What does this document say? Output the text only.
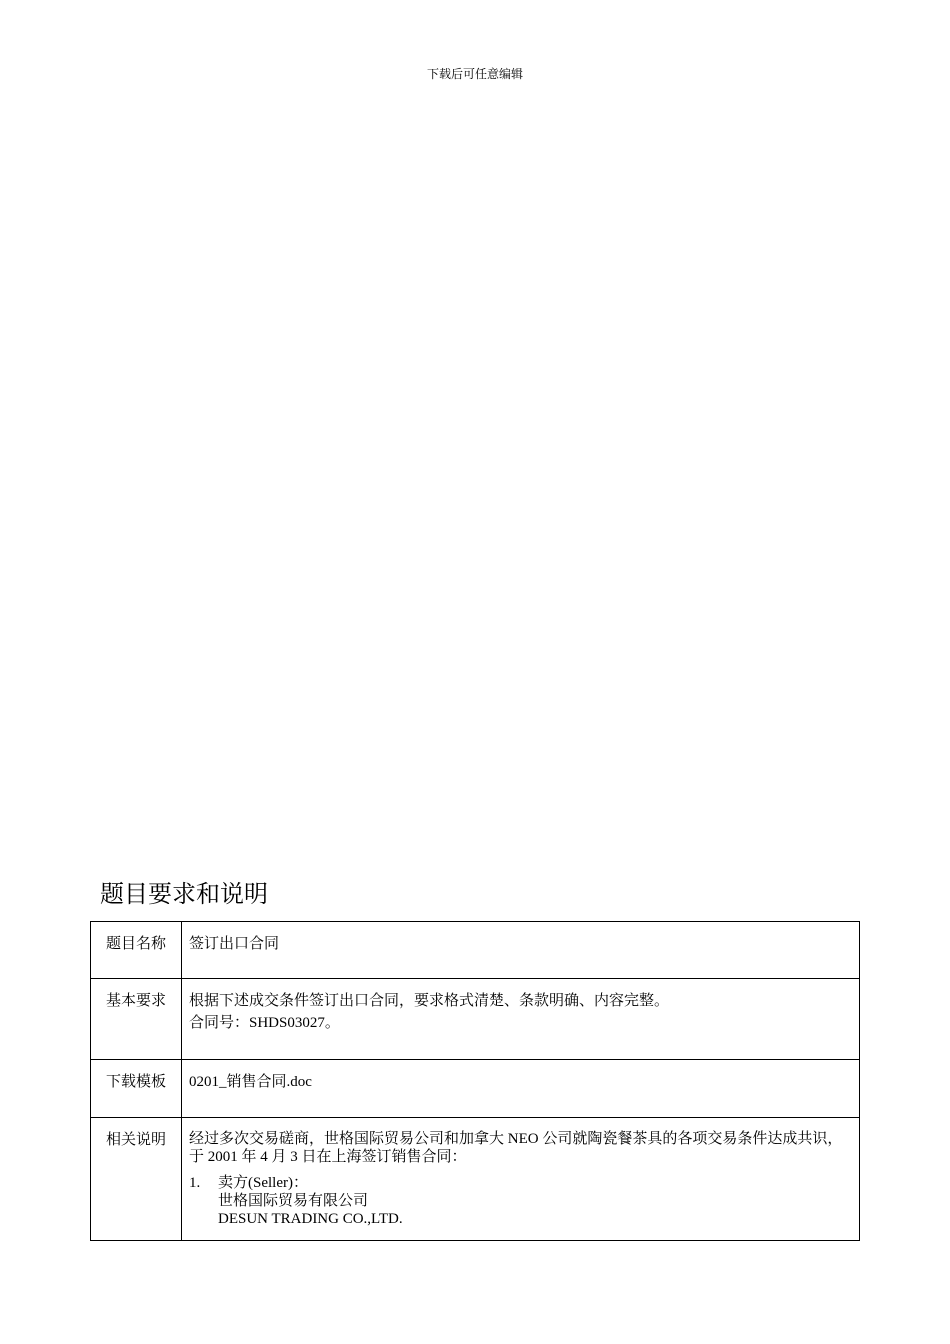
下载后可任意编辑
题目要求和说明
题目名称	签订出口合同

基本要求	根据下述成交条件签订出口合同，要求格式清楚、条款明确、内容完整。
合同号：SHDS03027。

下载模板	0201_销售合同.doc

相关说明	经过多次交易磋商，世格国际贸易公司和加拿大 NEO 公司就陶瓷餐茶具的各项交易条件达成共识，于 2001 年 4 月 3 日在上海签订销售合同：
1. 卖方(Seller)：
世格国际贸易有限公司
DESUN TRADING CO.,LTD.
